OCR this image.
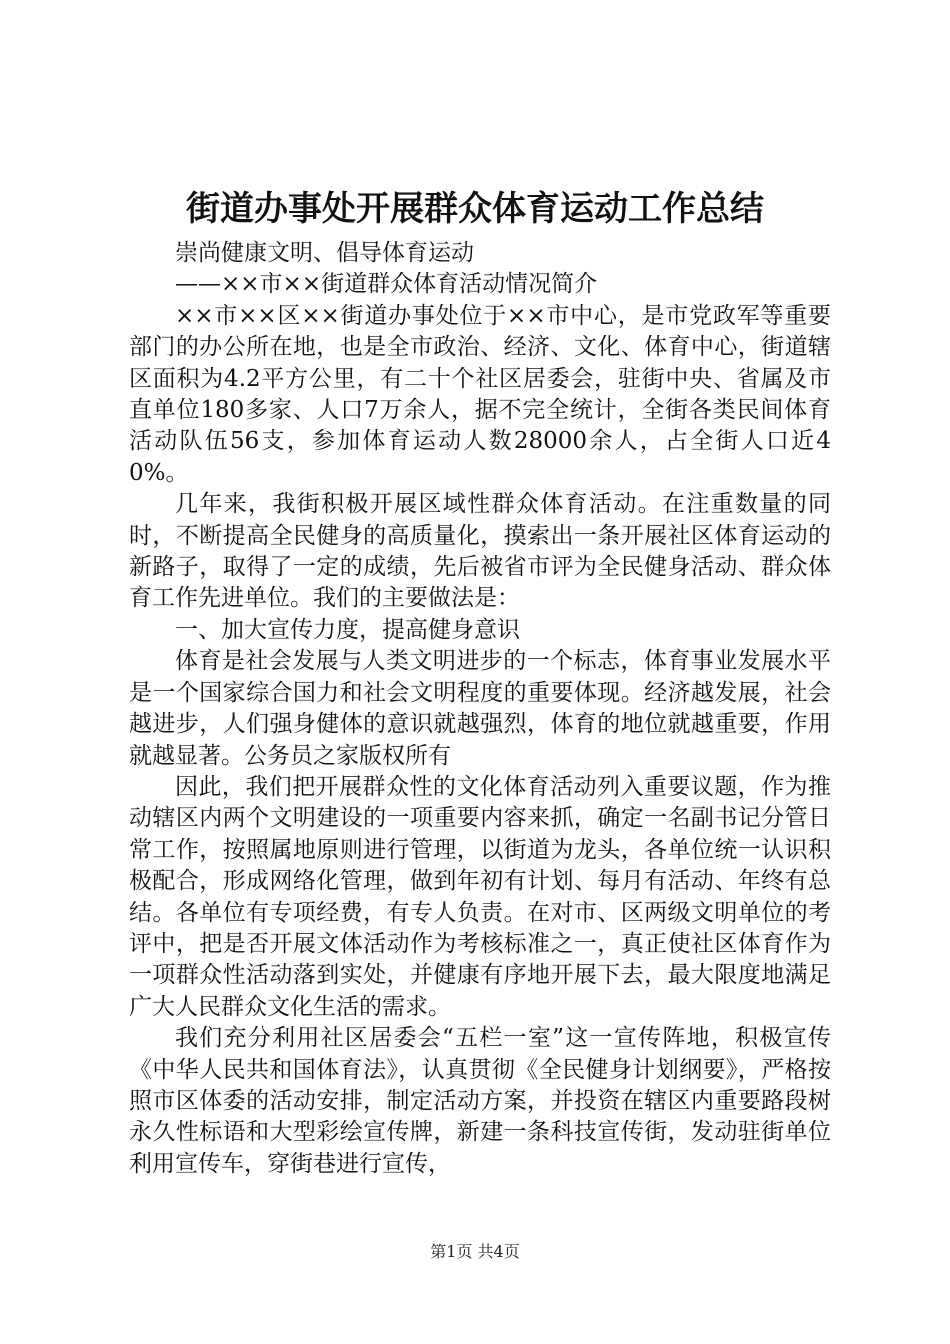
街道办事处开展群众体育运动工作总结

崇尚健康文明、倡导体育运动

——××市××街道群众体育活动情况简介

××市××区××街道办事处位于××市中心，是市党政军等重要部门的办公所在地，也是全市政治、经济、文化、体育中心，街道辖区面积为4.2平方公里，有二十个社区居委会，驻街中央、省属及市直单位180多家、人口7万余人，据不完全统计，全街各类民间体育活动队伍56支，参加体育运动人数28000余人，占全街人口近40%。

几年来，我街积极开展区域性群众体育活动。在注重数量的同时，不断提高全民健身的高质量化，摸索出一条开展社区体育运动的新路子，取得了一定的成绩，先后被省市评为全民健身活动、群众体育工作先进单位。我们的主要做法是：

一、加大宣传力度，提高健身意识

体育是社会发展与人类文明进步的一个标志，体育事业发展水平是一个国家综合国力和社会文明程度的重要体现。经济越发展，社会越进步，人们强身健体的意识就越强烈，体育的地位就越重要，作用就越显著。公务员之家版权所有

因此，我们把开展群众性的文化体育活动列入重要议题，作为推动辖区内两个文明建设的一项重要内容来抓，确定一名副书记分管日常工作，按照属地原则进行管理，以街道为龙头，各单位统一认识积极配合，形成网络化管理，做到年初有计划、每月有活动、年终有总结。各单位有专项经费，有专人负责。在对市、区两级文明单位的考评中，把是否开展文体活动作为考核标准之一，真正使社区体育作为一项群众性活动落到实处，并健康有序地开展下去，最大限度地满足广大人民群众文化生活的需求。

我们充分利用社区居委会“五栏一室”这一宣传阵地，积极宣传《中华人民共和国体育法》，认真贯彻《全民健身计划纲要》，严格按照市区体委的活动安排，制定活动方案，并投资在辖区内重要路段树永久性标语和大型彩绘宣传牌，新建一条科技宣传街，发动驻街单位利用宣传车，穿街巷进行宣传，

第1页 共4页
